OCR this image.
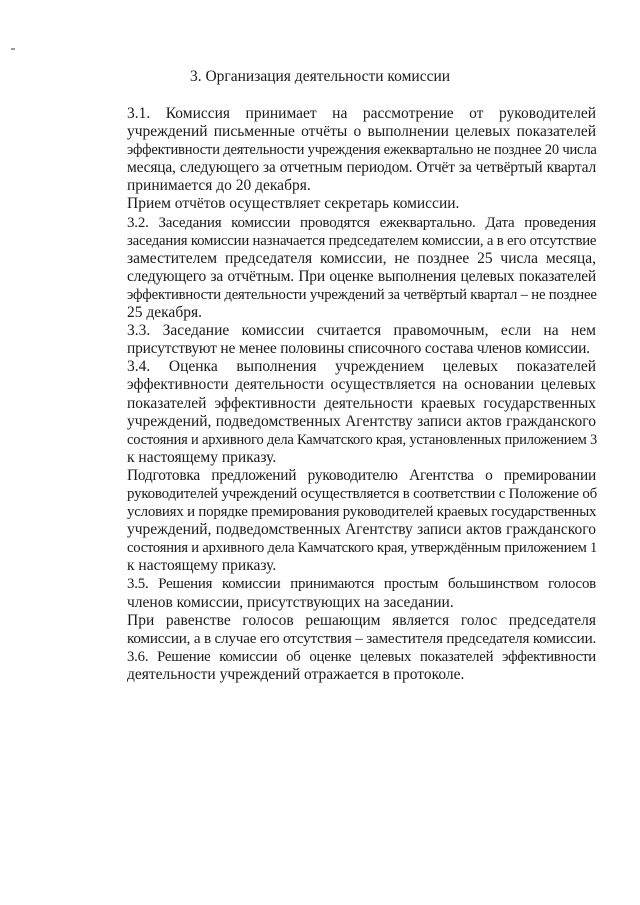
3. Организация деятельности комиссии

3.1. Комиссия принимает на рассмотрение от руководителей
учреждений письменные отчёты о выполнении целевых показателей
эффективности деятельности учреждения ежеквартально не позднее 20 числа
месяца, следующего за отчетным периодом. Отчёт за четвёртый квартал
принимается до 20 декабря.

Прием отчётов осуществляет секретарь комиссии.

3.2. Заседания комиссии проводятся ежеквартально. Дата проведения
заседания комиссии назначается председателем комиссии, а в его отсутствие
заместителем председателя комиссии, не позднее 25 числа месяца,
следующего за отчётным. При оценке выполнения целевых показателей
эффективности деятельности учреждений за четвёртый квартал – не позднее
25 декабря.

3.3. Заседание комиссии считается правомочным, если на нем
присутствуют не менее половины списочного состава членов комиссии.

3.4. Оценка выполнения учреждением целевых показателей
эффективности деятельности осуществляется на основании целевых
показателей эффективности деятельности краевых государственных
учреждений, подведомственных Агентству записи актов гражданского
состояния и архивного дела Камчатского края, установленных приложением 3
к настоящему приказу.

Подготовка предложений руководителю Агентства о премировании
руководителей учреждений осуществляется в соответствии с Положение об
условиях и порядке премирования руководителей краевых государственных
учреждений, подведомственных Агентству записи актов гражданского
состояния и архивного дела Камчатского края, утверждённым приложением 1
к настоящему приказу.

3.5. Решения комиссии принимаются простым большинством голосов
членов комиссии, присутствующих на заседании.

При равенстве голосов решающим является голос председателя
комиссии, а в случае его отсутствия – заместителя председателя комиссии.

3.6. Решение комиссии об оценке целевых показателей эффективности
деятельности учреждений отражается в протоколе.
